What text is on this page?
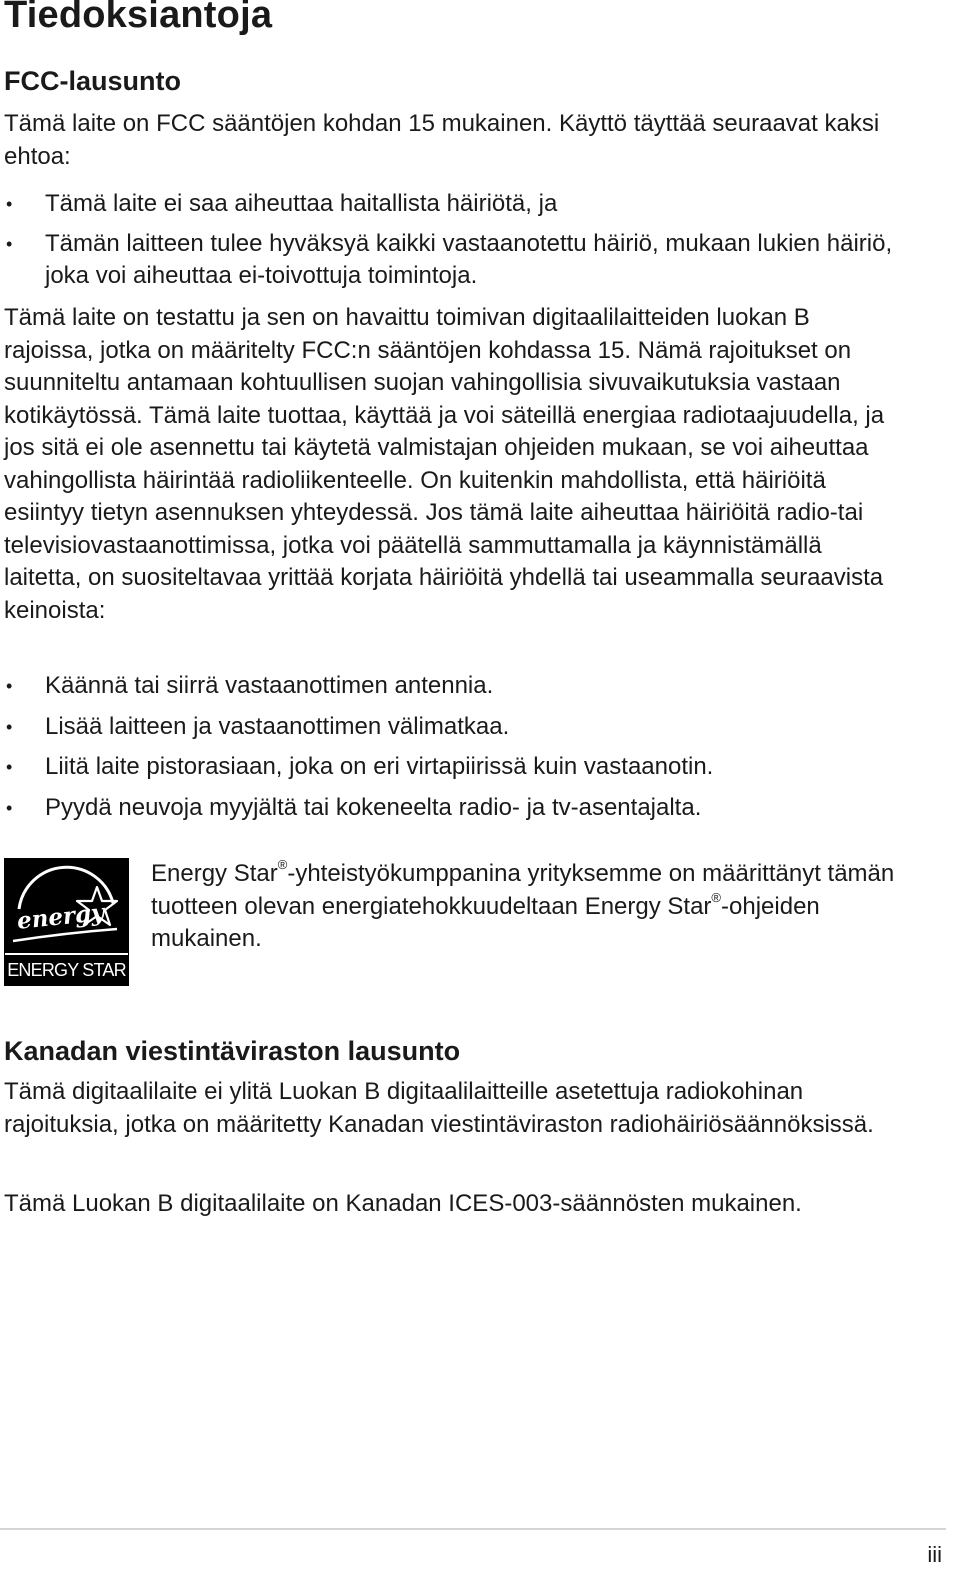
Tiedoksiantoja
FCC-lausunto

Tämä laite on FCC sääntöjen kohdan 15 mukainen. Käyttö täyttää seuraavat kaksi ehtoa:

• Tämä laite ei saa aiheuttaa haitallista häiriötä, ja
• Tämän laitteen tulee hyväksyä kaikki vastaanotettu häiriö, mukaan lukien häiriö, joka voi aiheuttaa ei-toivottuja toimintoja.

Tämä laite on testattu ja sen on havaittu toimivan digitaalilaitteiden luokan B rajoissa, jotka on määritelty FCC:n sääntöjen kohdassa 15. Nämä rajoitukset on suunniteltu antamaan kohtuullisen suojan vahingollisia sivuvaikutuksia vastaan kotikäytössä. Tämä laite tuottaa, käyttää ja voi säteillä energiaa radiotaajuudella, ja jos sitä ei ole asennettu tai käytetä valmistajan ohjeiden mukaan, se voi aiheuttaa vahingollista häirintää radioliikenteelle. On kuitenkin mahdollista, että häiriöitä esiintyy tietyn asennuksen yhteydessä. Jos tämä laite aiheuttaa häiriöitä radio-tai televisiovastaanottimissa, jotka voi päätellä sammuttamalla ja käynnistämällä laitetta, on suositeltavaa yrittää korjata häiriöitä yhdellä tai useammalla seuraavista keinoista:

• Käännä tai siirrä vastaanottimen antennia.
• Lisää laitteen ja vastaanottimen välimatkaa.
• Liitä laite pistorasiaan, joka on eri virtapiirissä kuin vastaanotin.
• Pyydä neuvoja myyjältä tai kokeneelta radio- ja tv-asentajalta.
energy
ENERGY STAR

Energy Star®-yhteistyökumppanina yrityksemme on määrittänyt tämän tuotteen olevan energiatehokkuudeltaan Energy Star®-ohjeiden mukainen.

Kanadan viestintäviraston lausunto

Tämä digitaalilaite ei ylitä Luokan B digitaalilaitteille asetettuja radiokohinan rajoituksia, jotka on määritetty Kanadan viestintäviraston radiohäiriösäännöksissä.

Tämä Luokan B digitaalilaite on Kanadan ICES-003-säännösten mukainen.

iii
